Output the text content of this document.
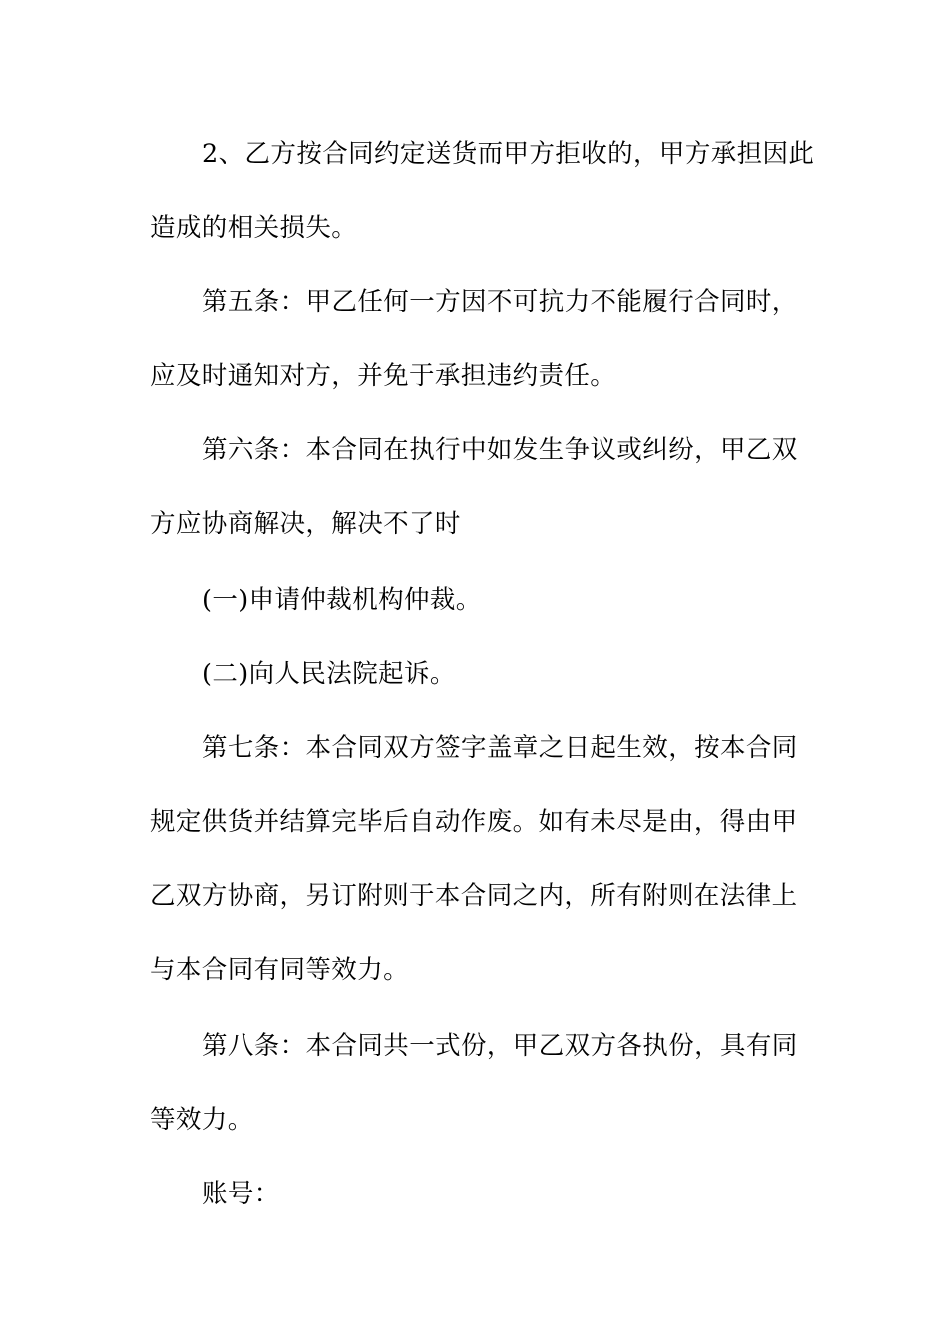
2、乙方按合同约定送货而甲方拒收的，甲方承担因此
造成的相关损失。
第五条：甲乙任何一方因不可抗力不能履行合同时，
应及时通知对方，并免于承担违约责任。
第六条：本合同在执行中如发生争议或纠纷，甲乙双
方应协商解决，解决不了时
(一)申请仲裁机构仲裁。
(二)向人民法院起诉。
第七条：本合同双方签字盖章之日起生效，按本合同
规定供货并结算完毕后自动作废。如有未尽是由，得由甲
乙双方协商，另订附则于本合同之内，所有附则在法律上
与本合同有同等效力。
第八条：本合同共一式份，甲乙双方各执份，具有同
等效力。
账号：
